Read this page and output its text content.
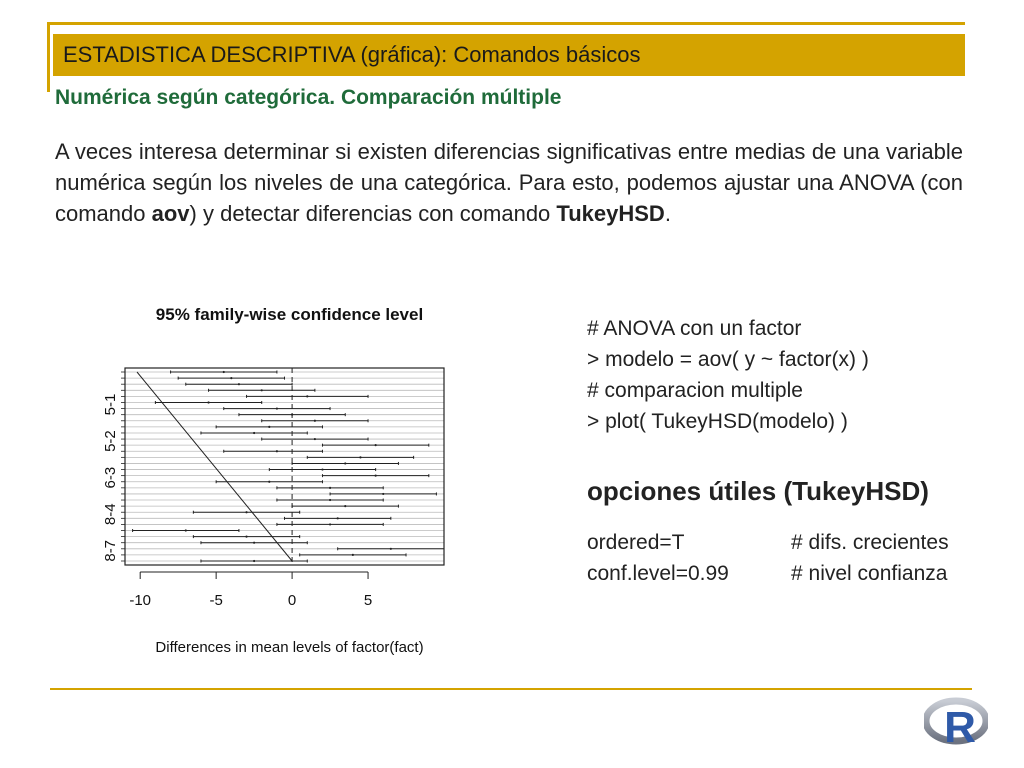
ESTADISTICA DESCRIPTIVA (gráfica): Comandos básicos
Numérica según categórica. Comparación múltiple
A veces interesa determinar si existen diferencias significativas entre medias de una variable numérica según los niveles de una categórica. Para esto, podemos ajustar una ANOVA (con comando aov) y detectar diferencias con comando TukeyHSD.
95% family-wise confidence level
-10	-5	0	5
8-7
8-4
6-3
5-2
5-1
Differences in mean levels of factor(fact)
# ANOVA con un factor
> modelo = aov( y ~ factor(x) )
# comparacion multiple
> plot( TukeyHSD(modelo) )
opciones útiles (TukeyHSD)
ordered=T	# difs. crecientes
conf.level=0.99	# nivel confianza
R
